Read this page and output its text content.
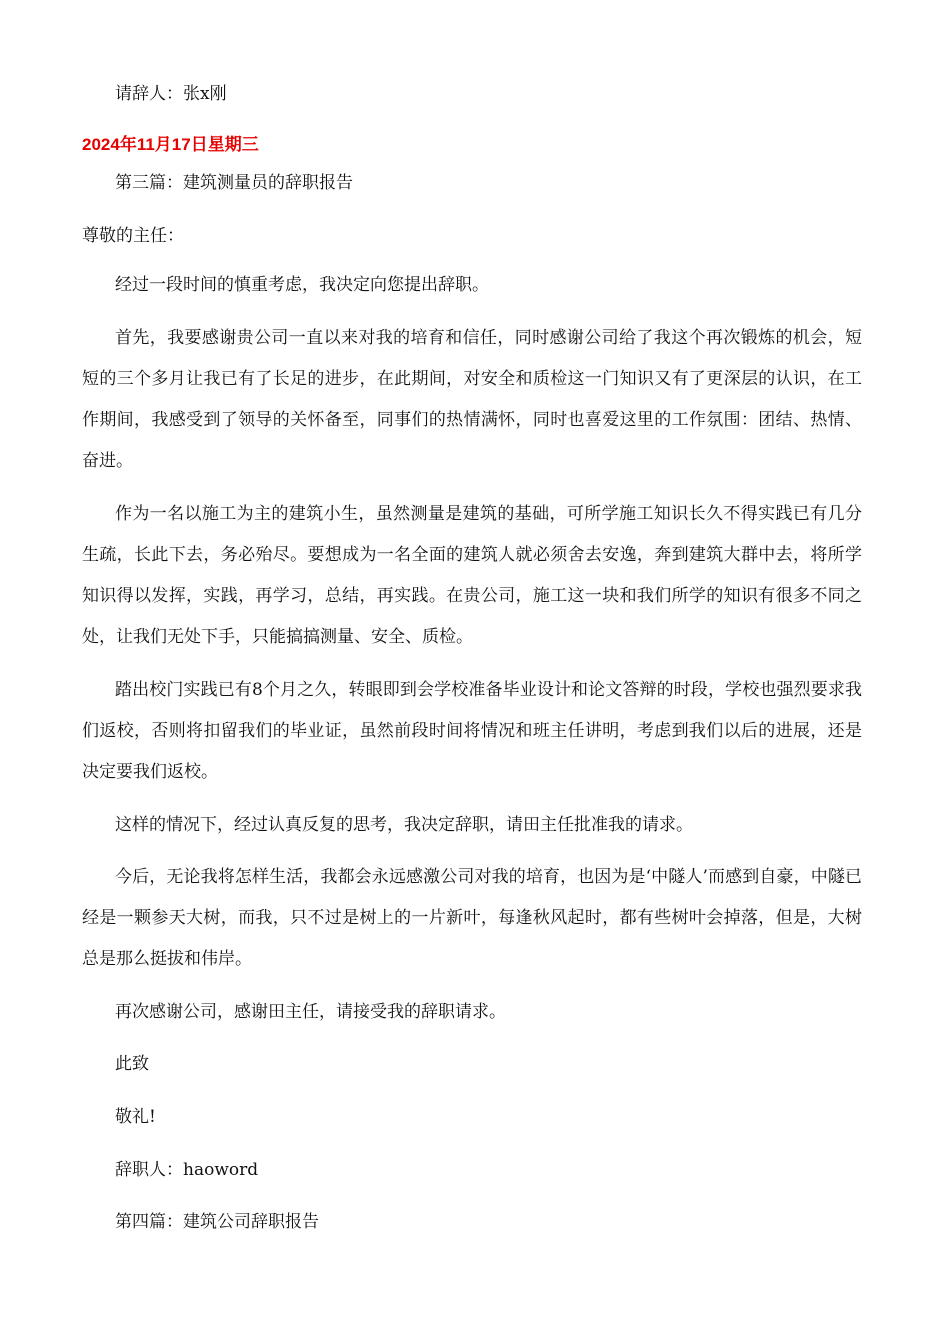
请辞人：张x刚
2024年11月17日星期三
第三篇：建筑测量员的辞职报告
尊敬的主任：

经过一段时间的慎重考虑，我决定向您提出辞职。

首先，我要感谢贵公司一直以来对我的培育和信任，同时感谢公司给了我这个再次锻炼的机会，短短的三个多月让我已有了长足的进步，在此期间，对安全和质检这一门知识又有了更深层的认识，在工作期间，我感受到了领导的关怀备至，同事们的热情满怀，同时也喜爱这里的工作氛围：团结、热情、奋进。

作为一名以施工为主的建筑小生，虽然测量是建筑的基础，可所学施工知识长久不得实践已有几分生疏，长此下去，务必殆尽。要想成为一名全面的建筑人就必须舍去安逸，奔到建筑大群中去，将所学知识得以发挥，实践，再学习，总结，再实践。在贵公司，施工这一块和我们所学的知识有很多不同之处，让我们无处下手，只能搞搞测量、安全、质检。

踏出校门实践已有8个月之久，转眼即到会学校准备毕业设计和论文答辩的时段，学校也强烈要求我们返校，否则将扣留我们的毕业证，虽然前段时间将情况和班主任讲明，考虑到我们以后的进展，还是决定要我们返校。

这样的情况下，经过认真反复的思考，我决定辞职，请田主任批准我的请求。

今后，无论我将怎样生活，我都会永远感激公司对我的培育，也因为是‘中隧人’而感到自豪，中隧已经是一颗参天大树，而我，只不过是树上的一片新叶，每逢秋风起时，都有些树叶会掉落，但是，大树总是那么挺拔和伟岸。

再次感谢公司，感谢田主任，请接受我的辞职请求。

此致
敬礼!
辞职人：haoword
第四篇：建筑公司辞职报告
